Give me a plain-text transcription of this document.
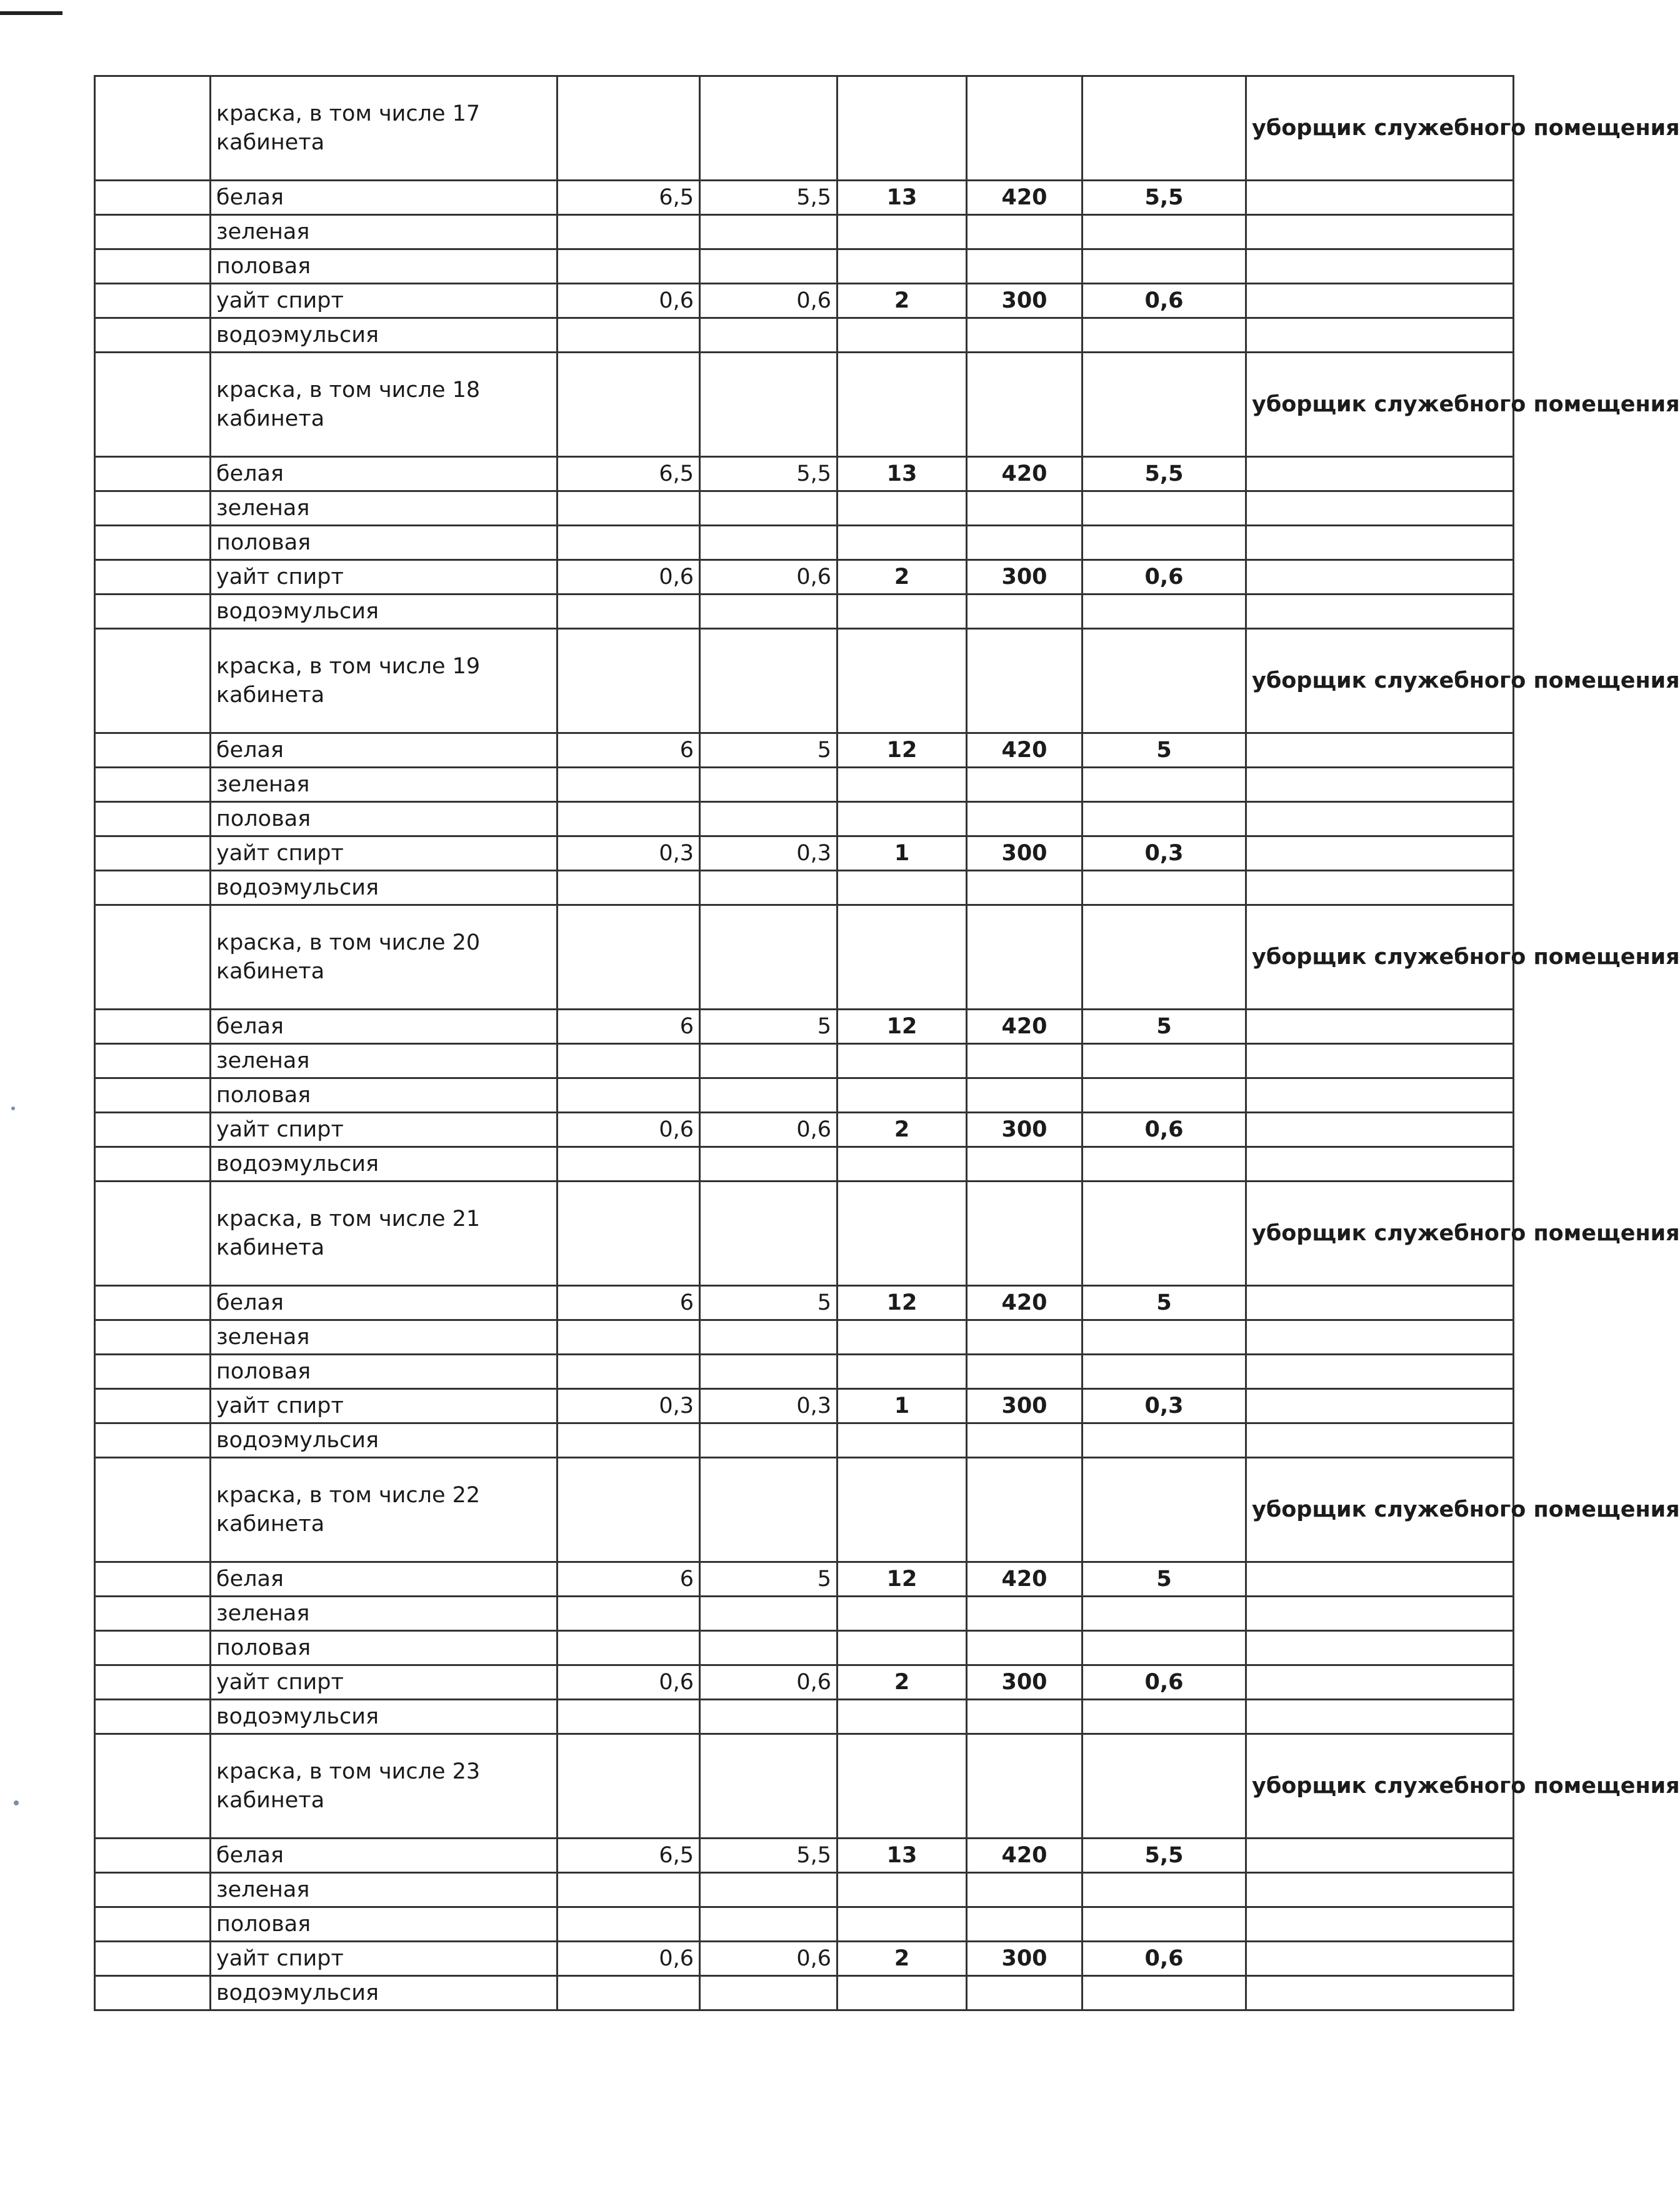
	краска, в том числе 17
кабинета						уборщик служебного помещения
	белая	6,5	5,5	13	420	5,5	
	зеленая						
	половая						
	уайт спирт	0,6	0,6	2	300	0,6	
	водоэмульсия						

	краска, в том числе 18
кабинета						уборщик служебного помещения
	белая	6,5	5,5	13	420	5,5	
	зеленая						
	половая						
	уайт спирт	0,6	0,6	2	300	0,6	
	водоэмульсия						

	краска, в том числе 19
кабинета						уборщик служебного помещения
	белая	6	5	12	420	5	
	зеленая						
	половая						
	уайт спирт	0,3	0,3	1	300	0,3	
	водоэмульсия						

	краска, в том числе 20
кабинета						уборщик служебного помещения
	белая	6	5	12	420	5	
	зеленая						
	половая						
	уайт спирт	0,6	0,6	2	300	0,6	
	водоэмульсия						

	краска, в том числе 21
кабинета						уборщик служебного помещения
	белая	6	5	12	420	5	
	зеленая						
	половая						
	уайт спирт	0,3	0,3	1	300	0,3	
	водоэмульсия						

	краска, в том числе 22
кабинета						уборщик служебного помещения
	белая	6	5	12	420	5	
	зеленая						
	половая						
	уайт спирт	0,6	0,6	2	300	0,6	
	водоэмульсия						

	краска, в том числе 23
кабинета						уборщик служебного помещения
	белая	6,5	5,5	13	420	5,5	
	зеленая						
	половая						
	уайт спирт	0,6	0,6	2	300	0,6	
	водоэмульсия						
